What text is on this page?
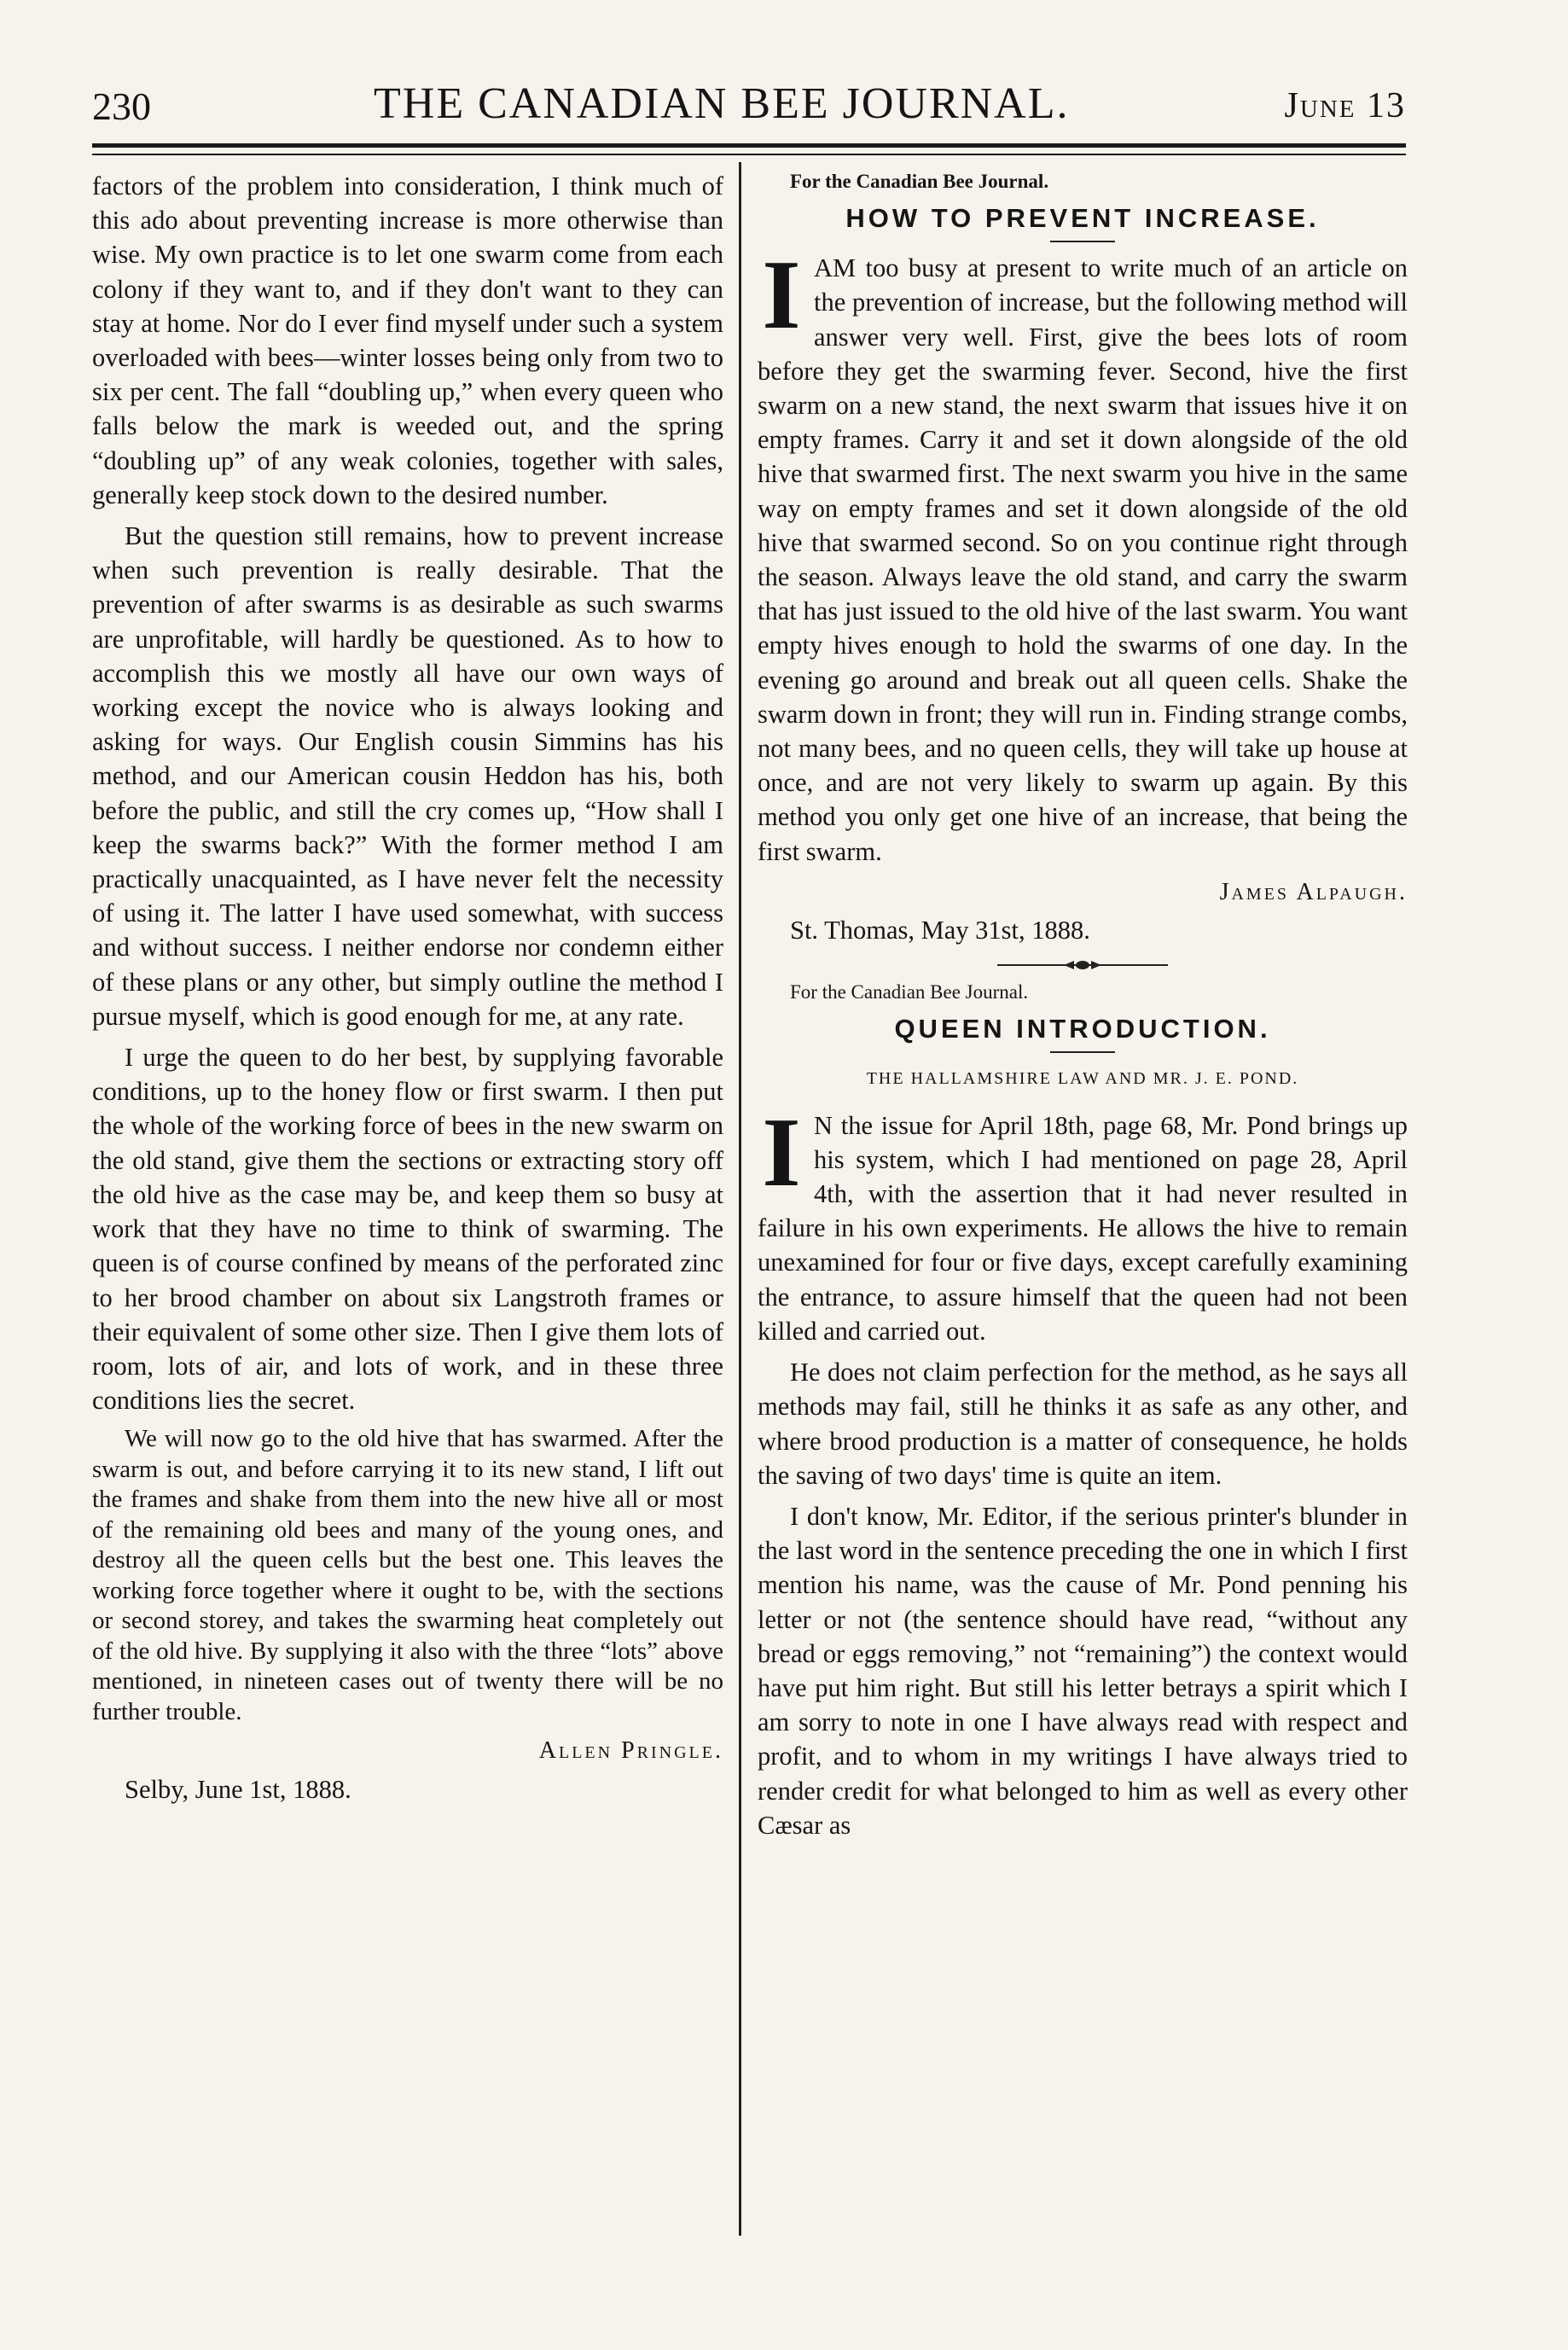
230	THE CANADIAN BEE JOURNAL.	June 13

factors of the problem into consideration, I think much of this ado about preventing increase is more otherwise than wise. My own practice is to let one swarm come from each colony if they want to, and if they don't want to they can stay at home. Nor do I ever find myself under such a system overloaded with bees—winter losses being only from two to six per cent. The fall “doubling up,” when every queen who falls below the mark is weeded out, and the spring “doubling up” of any weak colonies, together with sales, generally keep stock down to the desired number.

But the question still remains, how to prevent increase when such prevention is really desirable. That the prevention of after swarms is as desirable as such swarms are unprofitable, will hardly be questioned. As to how to accomplish this we mostly all have our own ways of working except the novice who is always looking and asking for ways. Our English cousin Simmins has his method, and our American cousin Heddon has his, both before the public, and still the cry comes up, “How shall I keep the swarms back?” With the former method I am practically unacquainted, as I have never felt the necessity of using it. The latter I have used somewhat, with success and without success. I neither endorse nor condemn either of these plans or any other, but simply outline the method I pursue myself, which is good enough for me, at any rate.

I urge the queen to do her best, by supplying favorable conditions, up to the honey flow or first swarm. I then put the whole of the working force of bees in the new swarm on the old stand, give them the sections or extracting story off the old hive as the case may be, and keep them so busy at work that they have no time to think of swarming. The queen is of course confined by means of the perforated zinc to her brood chamber on about six Langstroth frames or their equivalent of some other size. Then I give them lots of room, lots of air, and lots of work, and in these three conditions lies the secret.

We will now go to the old hive that has swarmed. After the swarm is out, and before carrying it to its new stand, I lift out the frames and shake from them into the new hive all or most of the remaining old bees and many of the young ones, and destroy all the queen cells but the best one. This leaves the working force together where it ought to be, with the sections or second storey, and takes the swarming heat completely out of the old hive. By supplying it also with the three “lots” above mentioned, in nineteen cases out of twenty there will be no further trouble.

Allen Pringle.
Selby, June 1st, 1888.

For the Canadian Bee Journal.

HOW TO PREVENT INCREASE.

IAM too busy at present to write much of an article on the prevention of increase, but the following method will answer very well. First, give the bees lots of room before they get the swarming fever. Second, hive the first swarm on a new stand, the next swarm that issues hive it on empty frames. Carry it and set it down alongside of the old hive that swarmed first. The next swarm you hive in the same way on empty frames and set it down alongside of the old hive that swarmed second. So on you continue right through the season. Always leave the old stand, and carry the swarm that has just issued to the old hive of the last swarm. You want empty hives enough to hold the swarms of one day. In the evening go around and break out all queen cells. Shake the swarm down in front; they will run in. Finding strange combs, not many bees, and no queen cells, they will take up house at once, and are not very likely to swarm up again. By this method you only get one hive of an increase, that being the first swarm.

James Alpaugh.
St. Thomas, May 31st, 1888.

For the Canadian Bee Journal.

QUEEN INTRODUCTION.
THE HALLAMSHIRE LAW AND MR. J. E. POND.

I N the issue for April 18th, page 68, Mr. Pond brings up his system, which I had mentioned on page 28, April 4th, with the assertion that it had never resulted in failure in his own experiments. He allows the hive to remain unexamined for four or five days, except carefully examining the entrance, to assure himself that the queen had not been killed and carried out.

He does not claim perfection for the method, as he says all methods may fail, still he thinks it as safe as any other, and where brood production is a matter of consequence, he holds the saving of two days' time is quite an item.

I don't know, Mr. Editor, if the serious printer's blunder in the last word in the sentence preceding the one in which I first mention his name, was the cause of Mr. Pond penning his letter or not (the sentence should have read, “without any bread or eggs removing,” not “remaining”) the context would have put him right. But still his letter betrays a spirit which I am sorry to note in one I have always read with respect and profit, and to whom in my writings I have always tried to render credit for what belonged to him as well as every other Cæsar as
